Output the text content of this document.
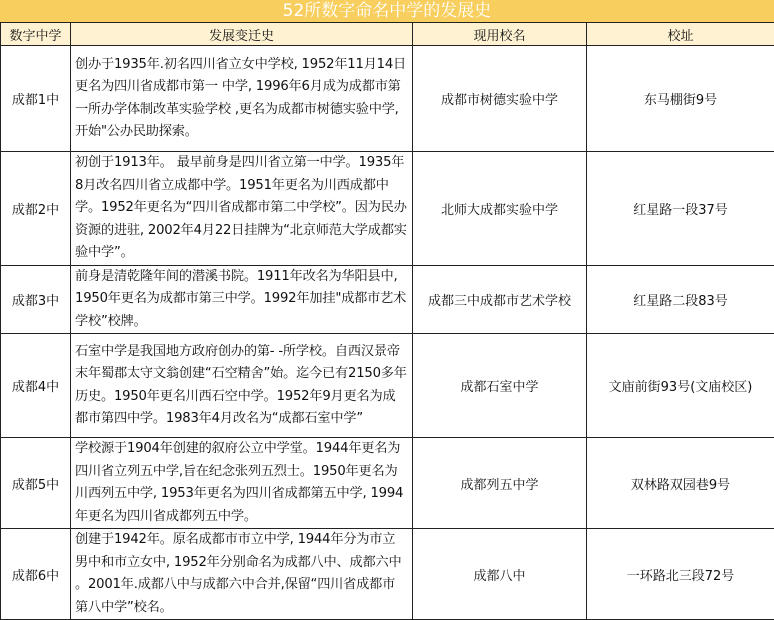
52所数字命名中学的发展史
数字中学	发展变迁史	现用校名	校址
成都1中	创办于1935年.初名四川省立女中学校, 1952年11月14日更名为四川省成都市第一 中学, 1996年6月成为成都市第一所办学体制改革实验学校 ,更名为成都市树德实验中学,开始"公办民助探索。	成都市树德实验中学	东马棚街9号
成都2中	初创于1913年。 最早前身是四川省立第一中学。1935年8月改名四川省立成都中学。1951年更名为川西成都中学。1952年更名为“四川省成都市第二中学校”。因为民办资源的进驻, 2002年4月22日挂牌为“北京师范大学成都实验中学”。	北师大成都实验中学	红星路一段37号
成都3中	前身是清乾隆年间的潜溪书院。1911年改名为华阳县中, 1950年更名为成都市第三中学。1992年加挂"成都市艺术学校”校牌。	成都三中成都市艺术学校	红星路二段83号
成都4中	石室中学是我国地方政府创办的第- -所学校。自西汉景帝末年蜀郡太守文翁创建“石空精舍”始。迄今已有2150多年历史。1950年更名川西石空中学。1952年9月更名为成都市第四中学。1983年4月改名为“成都石室中学”	成都石室中学	文庙前街93号(文庙校区)
成都5中	学校源于1904年创建的叙府公立中学堂。1944年更名为四川省立列五中学,旨在纪念张列五烈士。1950年更名为川西列五中学, 1953年更名为四川省成都第五中学, 1994年更名为四川省成都列五中学。	成都列五中学	双林路双园巷9号
成都6中	创建于1942年。原名成都市市立中学, 1944年分为市立男中和市立女中, 1952年分别命名为成都八中、成都六中 。2001年.成都八中与成都六中合并,保留“四川省成都市第八中学”校名。	成都八中	一环路北三段72号
